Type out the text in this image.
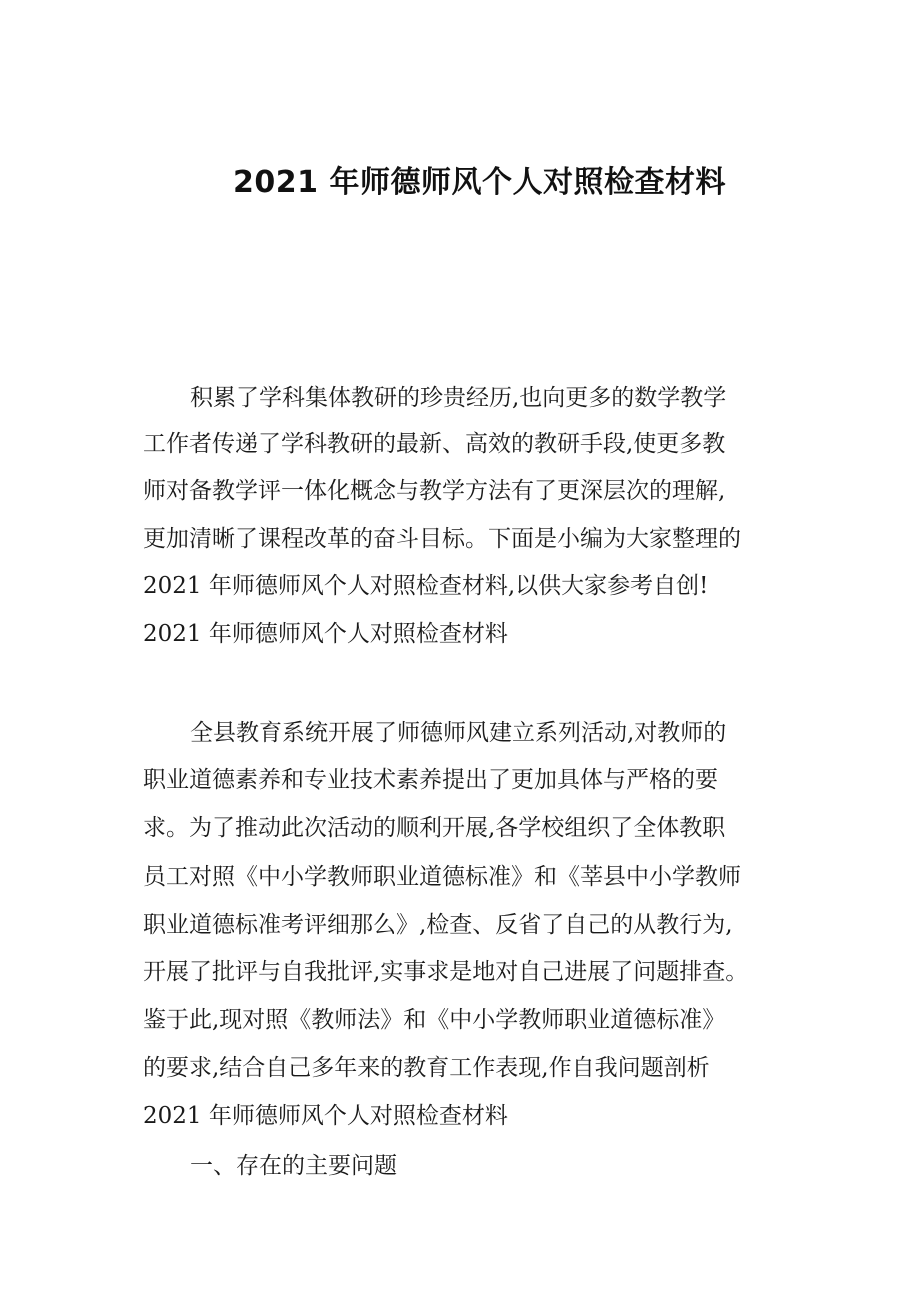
2021 年师德师风个人对照检查材料
积累了学科集体教研的珍贵经历,也向更多的数学教学
工作者传递了学科教研的最新、高效的教研手段,使更多教
师对备教学评一体化概念与教学方法有了更深层次的理解,
更加清晰了课程改革的奋斗目标。下面是小编为大家整理的
2021 年师德师风个人对照检查材料,以供大家参考自创!
2021 年师德师风个人对照检查材料
全县教育系统开展了师德师风建立系列活动,对教师的
职业道德素养和专业技术素养提出了更加具体与严格的要
求。为了推动此次活动的顺利开展,各学校组织了全体教职
员工对照《中小学教师职业道德标准》和《莘县中小学教师
职业道德标准考评细那么》,检查、反省了自己的从教行为,
开展了批评与自我批评,实事求是地对自己进展了问题排查。
鉴于此,现对照《教师法》和《中小学教师职业道德标准》
的要求,结合自己多年来的教育工作表现,作自我问题剖析
2021 年师德师风个人对照检查材料
一、存在的主要问题
